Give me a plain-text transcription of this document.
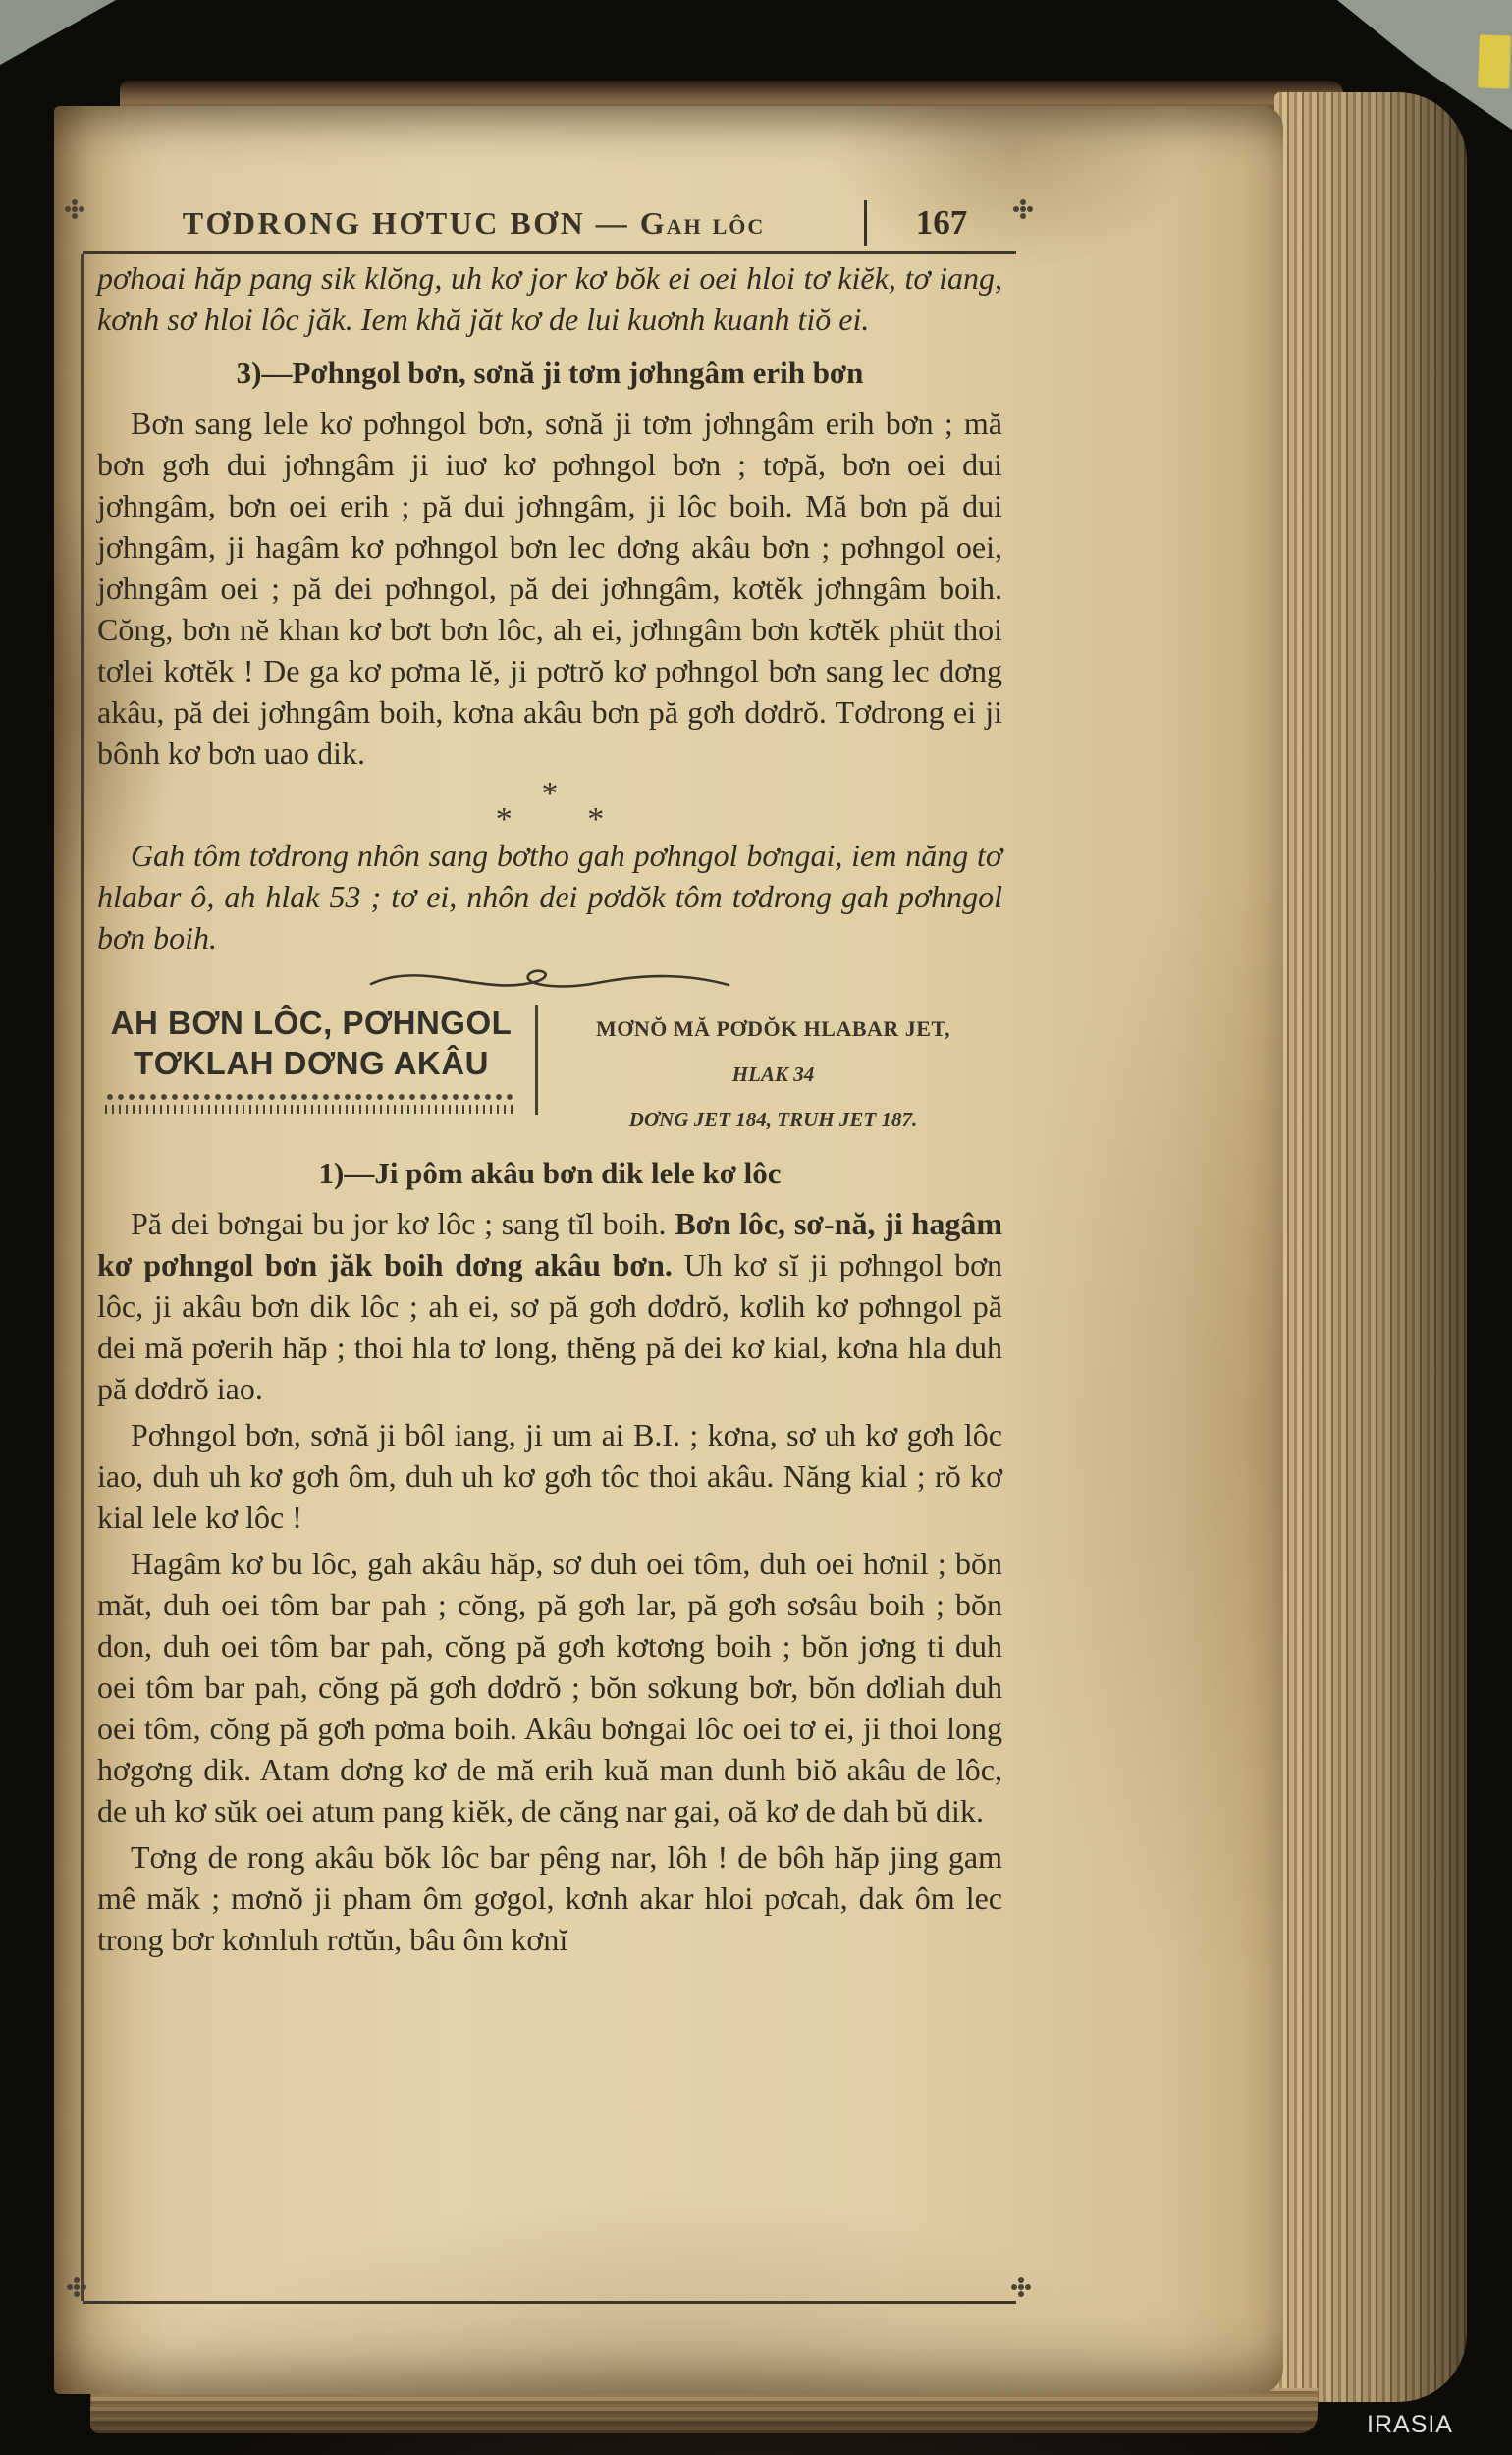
TƠDRONG HƠTUC BƠN — Gah lôc	167

pơhoai hăp pang sik klŏng, uh kơ jor kơ bŏk ei oei hloi tơ kiĕk, tơ iang, kơnh sơ hloi lôc jăk. Iem khă jăt kơ de lui kuơnh kuanh tiŏ ei.

3)—Pơhngol bơn, sơnă ji tơm jơhngâm erih bơn

Bơn sang lele kơ pơhngol bơn, sơnă ji tơm jơhngâm erih bơn ; mă bơn gơh dui jơhngâm ji iuơ kơ pơhngol bơn ; tơpă, bơn oei dui jơhngâm, bơn oei erih ; pă dui jơhngâm, ji lôc boih. Mă bơn pă dui jơhngâm, ji hagâm kơ pơhngol bơn lec dơng akâu bơn ; pơhngol oei, jơhngâm oei ; pă dei pơhngol, pă dei jơhngâm, kơtĕk jơhngâm boih. Cŏng, bơn nĕ khan kơ bơt bơn lôc, ah ei, jơhngâm bơn kơtĕk phüt thoi tơlei kơtĕk ! De ga kơ pơma lĕ, ji pơtrŏ kơ pơhngol bơn sang lec dơng akâu, pă dei jơhngâm boih, kơna akâu bơn pă gơh dơdrŏ. Tơdrong ei ji bônh kơ bơn uao dik.

*
* *

Gah tôm tơdrong nhôn sang bơtho gah pơhngol bơngai, iem năng tơ hlabar ô, ah hlak 53 ; tơ ei, nhôn dei pơdŏk tôm tơdrong gah pơhngol bơn boih.

AH BƠN LÔC, PƠHNGOL
TƠKLAH DƠNG AKÂU
MƠNŎ MĂ PƠDŎK HLABAR JET,
HLAK 34
DƠNG JET 184, TRUH JET 187.
1)—Ji pôm akâu bơn dik lele kơ lôc

Pă dei bơngai bu jor kơ lôc ; sang tĭl boih. Bơn lôc, sơ-nă, ji hagâm kơ pơhngol bơn jăk boih dơng akâu bơn. Uh kơ sĭ ji pơhngol bơn lôc, ji akâu bơn dik lôc ; ah ei, sơ pă gơh dơdrŏ, kơlih kơ pơhngol pă dei mă pơerih hăp ; thoi hla tơ long, thĕng pă dei kơ kial, kơna hla duh pă dơdrŏ iao.

Pơhngol bơn, sơnă ji bôl iang, ji um ai B.I. ; kơna, sơ uh kơ gơh lôc iao, duh uh kơ gơh ôm, duh uh kơ gơh tôc thoi akâu. Năng kial ; rŏ kơ kial lele kơ lôc !

Hagâm kơ bu lôc, gah akâu hăp, sơ duh oei tôm, duh oei hơnil ; bŏn măt, duh oei tôm bar pah ; cŏng, pă gơh lar, pă gơh sơsâu boih ; bŏn don, duh oei tôm bar pah, cŏng pă gơh kơtơng boih ; bŏn jơng ti duh oei tôm bar pah, cŏng pă gơh dơdrŏ ; bŏn sơkung bơr, bŏn dơliah duh oei tôm, cŏng pă gơh pơma boih. Akâu bơngai lôc oei tơ ei, ji thoi long hơgơng dik. Atam dơng kơ de mă erih kuă man dunh biŏ akâu de lôc, de uh kơ sŭk oei atum pang kiĕk, de căng nar gai, oă kơ de dah bŭ dik.

Tơng de rong akâu bŏk lôc bar pêng nar, lôh ! de bôh hăp jing gam mê măk ; mơnŏ ji pham ôm gơgol, kơnh akar hloi pơcah, dak ôm lec trong bơr kơmluh rơtŭn, bâu ôm kơnĭ

IRASIA
